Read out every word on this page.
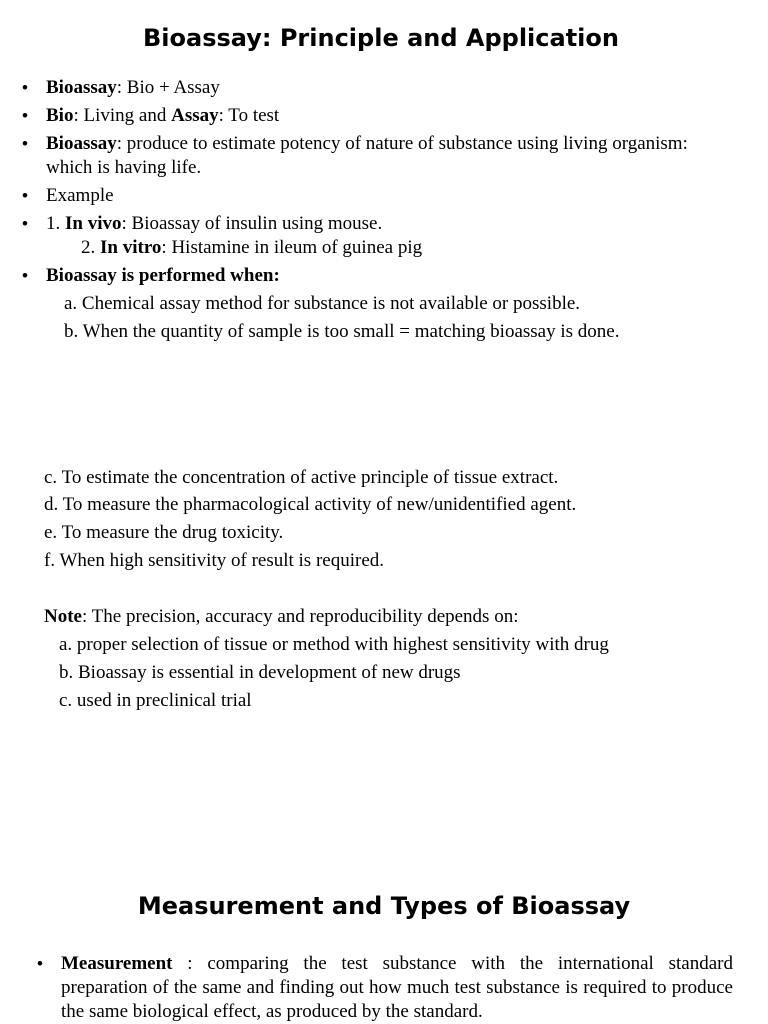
Bioassay: Principle and Application
• Bioassay: Bio + Assay
• Bio: Living and Assay: To test
• Bioassay: produce to estimate potency of nature of substance using living organism: which is having life.
• Example
• 1. In vivo: Bioassay of insulin using mouse.
2. In vitro: Histamine in ileum of guinea pig
• Bioassay is performed when:
a. Chemical assay method for substance is not available or possible.
b. When the quantity of sample is too small = matching bioassay is done.
c. To estimate the concentration of active principle of tissue extract.
d. To measure the pharmacological activity of new/unidentified agent.
e. To measure the drug toxicity.
f. When high sensitivity of result is required.
Note: The precision, accuracy and reproducibility depends on:
a. proper selection of tissue or method with highest sensitivity with drug
b. Bioassay is essential in development of new drugs
c. used in preclinical trial
Measurement and Types of Bioassay
• Measurement : comparing the test substance with the international standard preparation of the same and finding out how much test substance is required to produce the same biological effect, as produced by the standard.
